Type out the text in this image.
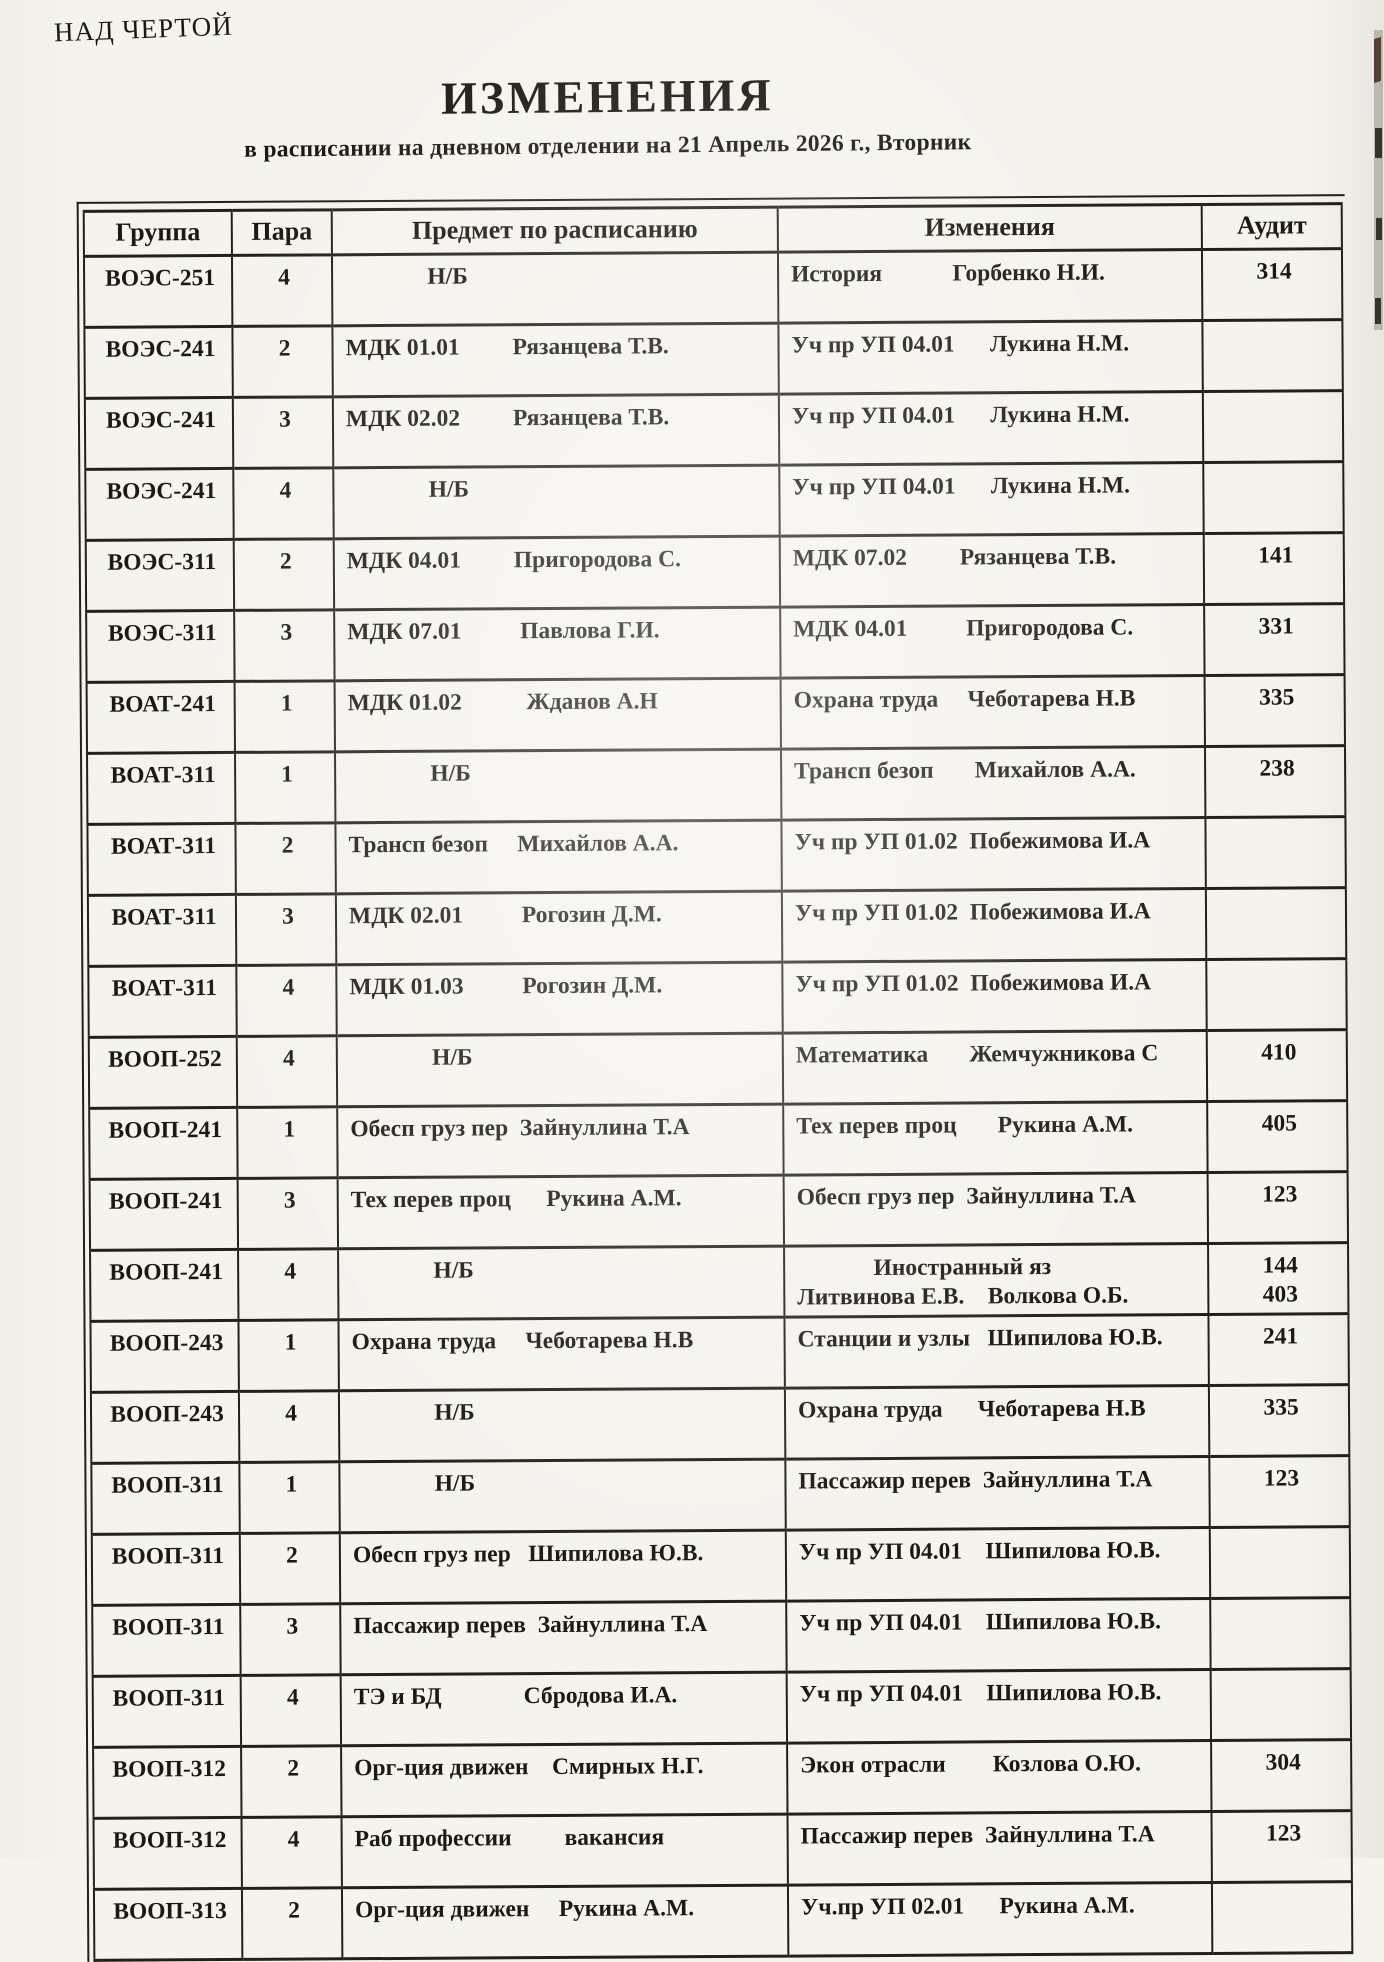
НАД ЧЕРТОЙ
ИЗМЕНЕНИЯ
в расписании на дневном отделении на 21 Апрель 2026 г., Вторник
Группа	Пара	Предмет по расписанию	Изменения	Аудит
ВОЭС-251	4	Н/Б	История            Горбенко Н.И.	314
ВОЭС-241	2	МДК 01.01         Рязанцева Т.В.	Уч пр УП 04.01      Лукина Н.М.	
ВОЭС-241	3	МДК 02.02         Рязанцева Т.В.	Уч пр УП 04.01      Лукина Н.М.	
ВОЭС-241	4	Н/Б	Уч пр УП 04.01      Лукина Н.М.	
ВОЭС-311	2	МДК 04.01         Пригородова С.	МДК 07.02         Рязанцева Т.В.	141
ВОЭС-311	3	МДК 07.01          Павлова Г.И.	МДК 04.01          Пригородова С.	331
ВОАТ-241	1	МДК 01.02           Жданов А.Н	Охрана труда     Чеботарева Н.В	335
ВОАТ-311	1	Н/Б	Трансп безоп       Михайлов А.А.	238
ВОАТ-311	2	Трансп безоп     Михайлов А.А.	Уч пр УП 01.02  Побежимова И.А	
ВОАТ-311	3	МДК 02.01          Рогозин Д.М.	Уч пр УП 01.02  Побежимова И.А	
ВОАТ-311	4	МДК 01.03          Рогозин Д.М.	Уч пр УП 01.02  Побежимова И.А	
ВООП-252	4	Н/Б	Математика       Жемчужникова С	410
ВООП-241	1	Обесп груз пер  Зайнуллина Т.А	Тех перев проц       Рукина А.М.	405
ВООП-241	3	Тех перев проц      Рукина А.М.	Обесп груз пер  Зайнуллина Т.А	123
ВООП-241	4	Н/Б	Иностранный яз
Литвинова Е.В.    Волкова О.Б.	144
403
ВООП-243	1	Охрана труда     Чеботарева Н.В	Станции и узлы   Шипилова Ю.В.	241
ВООП-243	4	Н/Б	Охрана труда      Чеботарева Н.В	335
ВООП-311	1	Н/Б	Пассажир перев  Зайнуллина Т.А	123
ВООП-311	2	Обесп груз пер   Шипилова Ю.В.	Уч пр УП 04.01    Шипилова Ю.В.	
ВООП-311	3	Пассажир перев  Зайнуллина Т.А	Уч пр УП 04.01    Шипилова Ю.В.	
ВООП-311	4	ТЭ и БД              Сбродова И.А.	Уч пр УП 04.01    Шипилова Ю.В.	
ВООП-312	2	Орг-ция движен    Смирных Н.Г.	Экон отрасли        Козлова О.Ю.	304
ВООП-312	4	Раб профессии         вакансия	Пассажир перев  Зайнуллина Т.А	123
ВООП-313	2	Орг-ция движен     Рукина А.М.	Уч.пр УП 02.01      Рукина А.М.	
